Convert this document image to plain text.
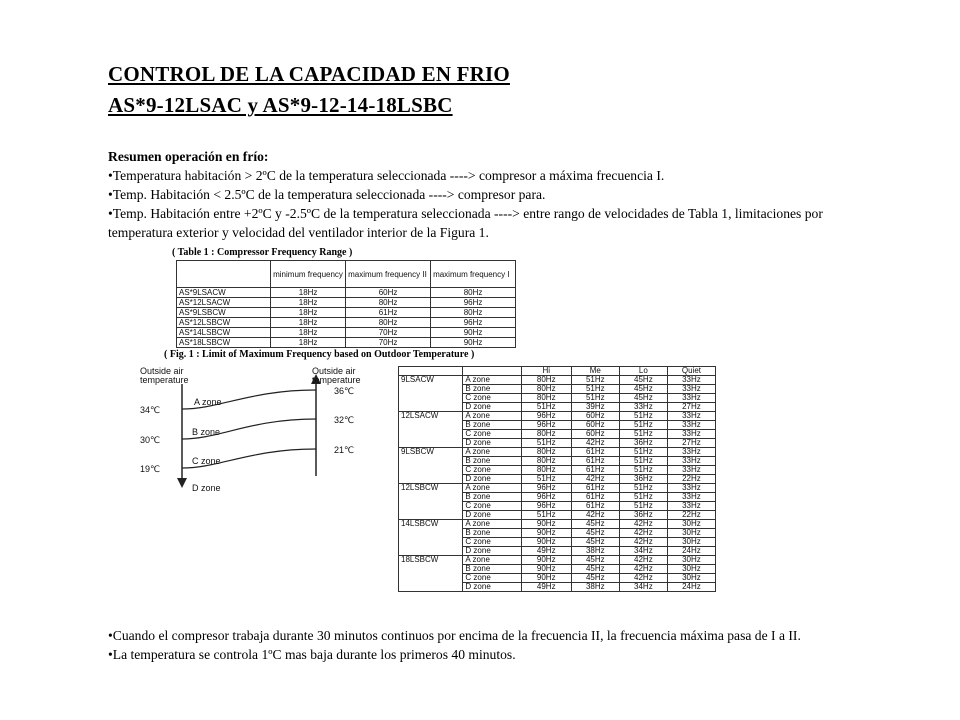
CONTROL DE LA CAPACIDAD EN FRIO
AS*9-12LSAC y AS*9-12-14-18LSBC

Resumen operación en frío:

•Temperatura habitación > 2ºC de la temperatura seleccionada ----> compresor a máxima frecuencia I.

•Temp. Habitación < 2.5ºC de la temperatura seleccionada ----> compresor para.

•Temp. Habitación entre +2ºC y -2.5ºC de la temperatura seleccionada ----> entre rango de velocidades de Tabla 1, limitaciones por temperatura exterior y velocidad del ventilador interior de la Figura 1.

( Table 1 : Compressor Frequency Range )
	minimum frequency	maximum frequency II	maximum frequency I
AS*9LSACW	18Hz	60Hz	80Hz
AS*12LSACW	18Hz	80Hz	96Hz
AS*9LSBCW	18Hz	61Hz	80Hz
AS*12LSBCW	18Hz	80Hz	96Hz
AS*14LSBCW	18Hz	70Hz	90Hz
AS*18LSBCW	18Hz	70Hz	90Hz
( Fig. 1 : Limit of Maximum Frequency based on Outdoor Temperature )
Outside air
temperature
Outside air
temperature
34℃
30℃
19℃
36℃
32℃
21℃
A zone
B zone
C zone
D zone
		Hi	Me	Lo	Quiet
9LSACW	A zone	80Hz	51Hz	45Hz	33Hz
	B zone	80Hz	51Hz	45Hz	33Hz
	C zone	80Hz	51Hz	45Hz	33Hz
	D zone	51Hz	39Hz	33Hz	27Hz
12LSACW	A zone	96Hz	60Hz	51Hz	33Hz
	B zone	96Hz	60Hz	51Hz	33Hz
	C zone	80Hz	60Hz	51Hz	33Hz
	D zone	51Hz	42Hz	36Hz	27Hz
9LSBCW	A zone	80Hz	61Hz	51Hz	33Hz
	B zone	80Hz	61Hz	51Hz	33Hz
	C zone	80Hz	61Hz	51Hz	33Hz
	D zone	51Hz	42Hz	36Hz	22Hz
12LSBCW	A zone	96Hz	61Hz	51Hz	33Hz
	B zone	96Hz	61Hz	51Hz	33Hz
	C zone	96Hz	61Hz	51Hz	33Hz
	D zone	51Hz	42Hz	36Hz	22Hz
14LSBCW	A zone	90Hz	45Hz	42Hz	30Hz
	B zone	90Hz	45Hz	42Hz	30Hz
	C zone	90Hz	45Hz	42Hz	30Hz
	D zone	49Hz	38Hz	34Hz	24Hz
18LSBCW	A zone	90Hz	45Hz	42Hz	30Hz
	B zone	90Hz	45Hz	42Hz	30Hz
	C zone	90Hz	45Hz	42Hz	30Hz
	D zone	49Hz	38Hz	34Hz	24Hz

•Cuando el compresor trabaja durante 30 minutos continuos por encima de la frecuencia II, la frecuencia máxima pasa de I a II.

•La temperatura se controla 1ºC mas baja durante los primeros 40 minutos.
